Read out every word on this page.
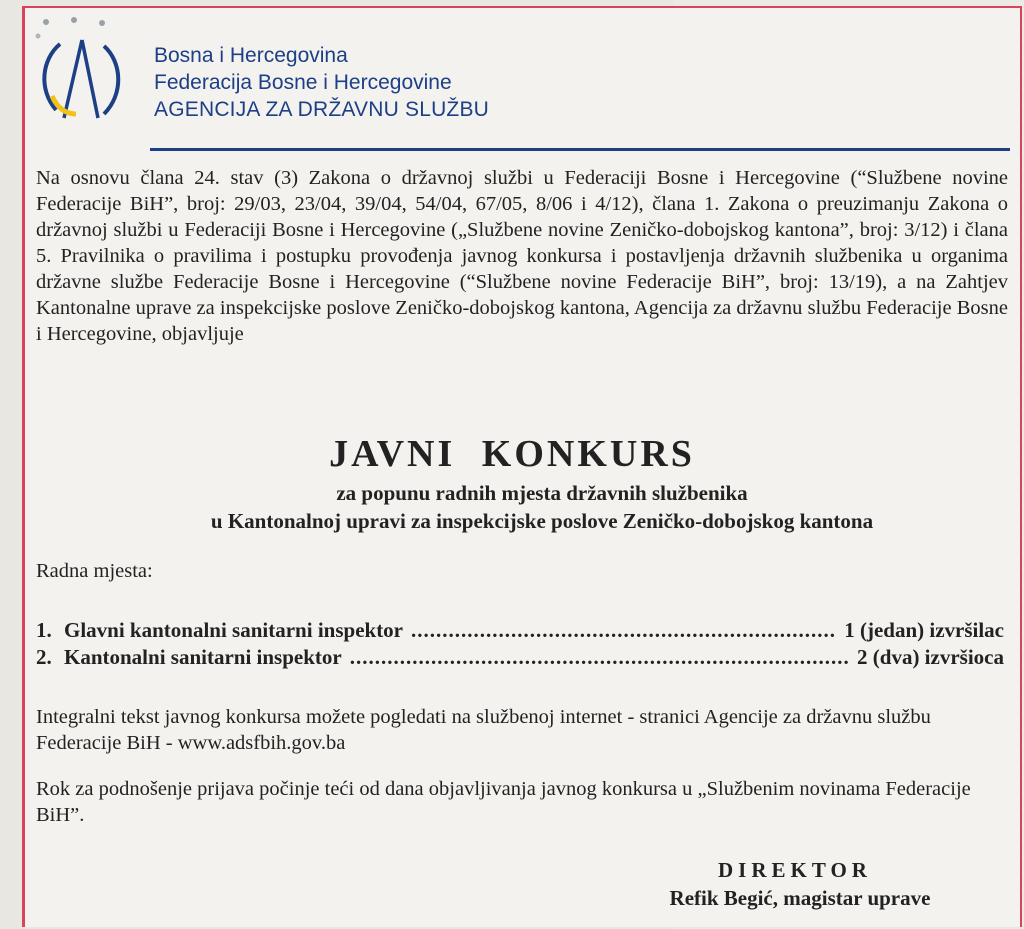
Bosna i Hercegovina
Federacija Bosne i Hercegovine
AGENCIJA ZA DRŽAVNU SLUŽBU
Na osnovu člana 24. stav (3) Zakona o državnoj službi u Federaciji Bosne i Hercegovine (“Službene novine Federacije BiH”, broj: 29/03, 23/04, 39/04, 54/04, 67/05, 8/06 i 4/12), člana 1. Zakona o preuzimanju Zakona o državnoj službi u Federaciji Bosne i Hercegovine („Službene novine Zeničko-dobojskog kantona”, broj: 3/12) i člana 5. Pravilnika o pravilima i postupku provođenja javnog konkursa i postavljenja državnih službenika u organima državne službe Federacije Bosne i Hercegovine (“Službene novine Federacije BiH”, broj: 13/19), a na Zahtjev Kantonalne uprave za inspekcijske poslove Zeničko-dobojskog kantona, Agencija za državnu službu Federacije Bosne i Hercegovine, objavljuje
JAVNI KONKURS
za popunu radnih mjesta državnih službenika
u Kantonalnoj upravi za inspekcijske poslove Zeničko-dobojskog kantona
Radna mjesta:
1. Glavni kantonalni sanitarni inspektor .....	1 (jedan) izvršilac
2. Kantonalni sanitarni inspektor .....	2 (dva) izvršioca
Integralni tekst javnog konkursa možete pogledati na službenoj internet - stranici Agencije za državnu službu Federacije BiH - www.adsfbih.gov.ba
Rok za podnošenje prijava počinje teći od dana objavljivanja javnog konkursa u „Službenim novinama Federacije BiH”.
DIREKTOR
Refik Begić, magistar uprave
